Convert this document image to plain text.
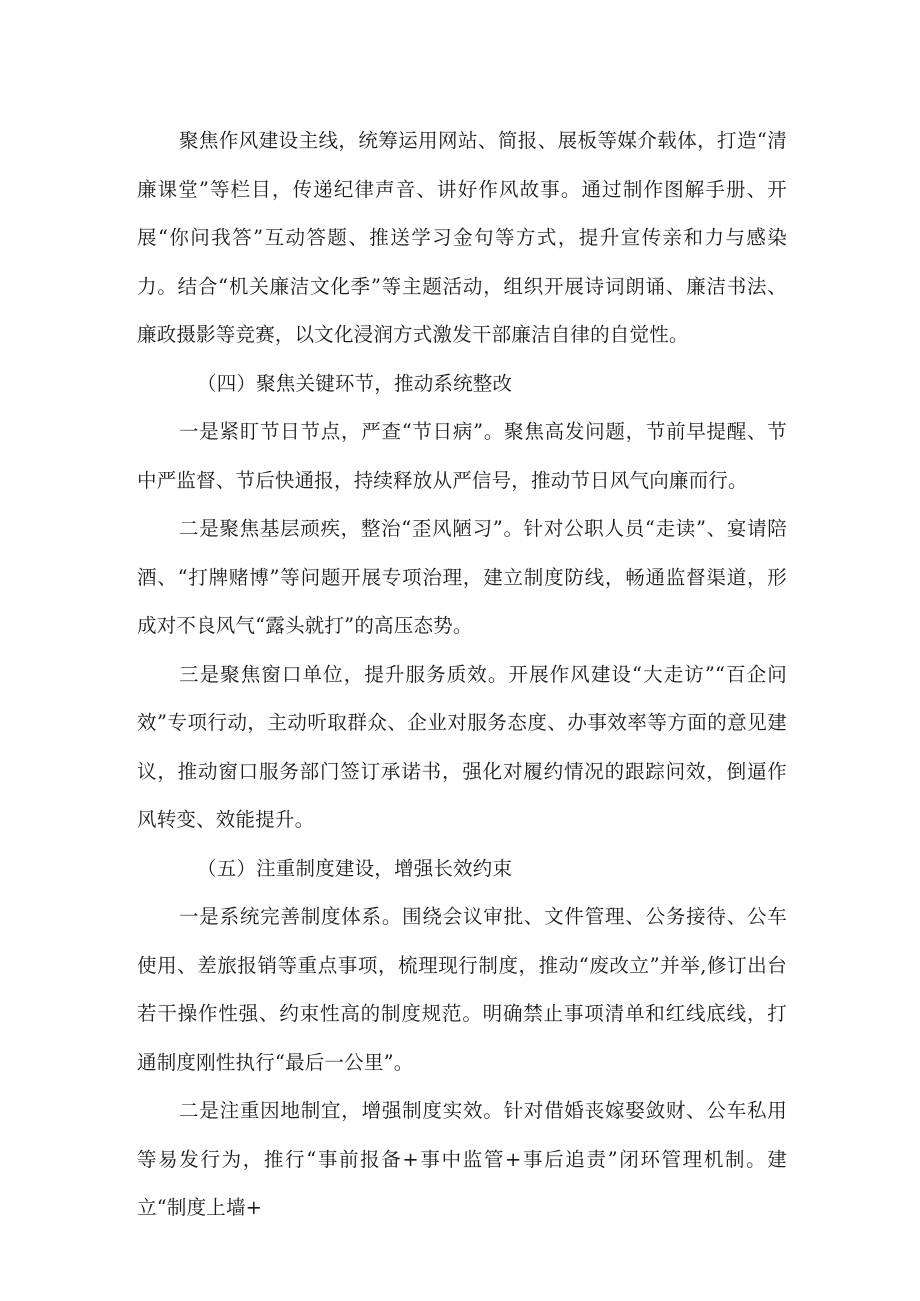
聚焦作风建设主线，统筹运用网站、简报、展板等媒介载体，打造“清廉课堂”等栏目，传递纪律声音、讲好作风故事。通过制作图解手册、开展“你问我答”互动答题、推送学习金句等方式，提升宣传亲和力与感染力。结合“机关廉洁文化季”等主题活动，组织开展诗词朗诵、廉洁书法、廉政摄影等竞赛，以文化浸润方式激发干部廉洁自律的自觉性。

（四）聚焦关键环节，推动系统整改

一是紧盯节日节点，严查“节日病”。聚焦高发问题，节前早提醒、节中严监督、节后快通报，持续释放从严信号，推动节日风气向廉而行。

二是聚焦基层顽疾，整治“歪风陋习”。针对公职人员“走读”、宴请陪酒、“打牌赌博”等问题开展专项治理，建立制度防线，畅通监督渠道，形成对不良风气“露头就打”的高压态势。

三是聚焦窗口单位，提升服务质效。开展作风建设“大走访”“百企问效”专项行动，主动听取群众、企业对服务态度、办事效率等方面的意见建议，推动窗口服务部门签订承诺书，强化对履约情况的跟踪问效，倒逼作风转变、效能提升。

（五）注重制度建设，增强长效约束

一是系统完善制度体系。围绕会议审批、文件管理、公务接待、公车使用、差旅报销等重点事项，梳理现行制度，推动“废改立”并举,修订出台若干操作性强、约束性高的制度规范。明确禁止事项清单和红线底线，打通制度刚性执行“最后一公里”。

二是注重因地制宜，增强制度实效。针对借婚丧嫁娶敛财、公车私用等易发行为，推行“事前报备+事中监管+事后追责”闭环管理机制。建立“制度上墙+
